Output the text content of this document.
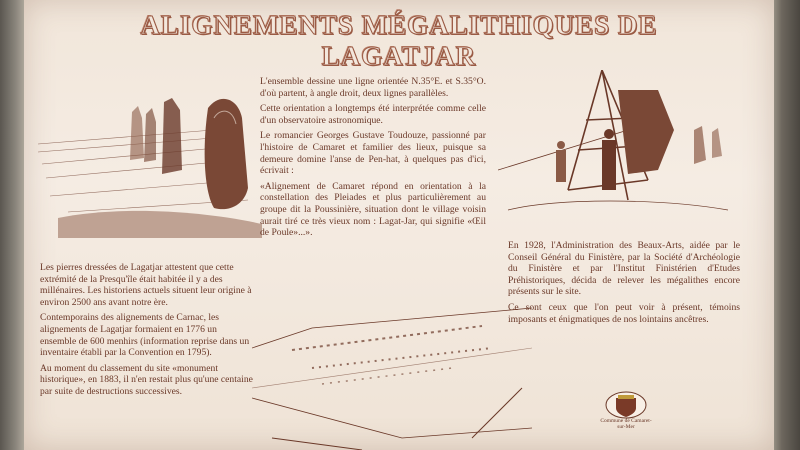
ALIGNEMENTS MÉGALITHIQUES DE LAGATJAR

Les pierres dressées de Lagatjar attestent que cette extrémité de la Presqu'île était habitée il y a des millénaires. Les historiens actuels situent leur origine à environ 2500 ans avant notre ère.

Contemporains des alignements de Carnac, les alignements de Lagatjar formaient en 1776 un ensemble de 600 menhirs (information reprise dans un inventaire établi par la Convention en 1795).

Au moment du classement du site «monument historique», en 1883, il n'en restait plus qu'une centaine par suite de destructions successives.

L'ensemble dessine une ligne orientée N.35°E. et S.35°O. d'où partent, à angle droit, deux lignes parallèles.

Cette orientation a longtemps été interprétée comme celle d'un observatoire astronomique.

Le romancier Georges Gustave Toudouze, passionné par l'histoire de Camaret et familier des lieux, puisque sa demeure domine l'anse de Pen-hat, à quelques pas d'ici, écrivait :

«Alignement de Camaret répond en orientation à la constellation des Pleiades et plus particulièrement au groupe dit la Poussinière, situation dont le village voisin aurait tiré ce très vieux nom : Lagat-Jar, qui signifie «Œil de Poule»...».

En 1928, l'Administration des Beaux-Arts, aidée par le Conseil Général du Finistère, par la Société d'Archéologie du Finistère et par l'Institut Finistérien d'Etudes Préhistoriques, décida de relever les mégalithes encore présents sur le site.

Ce sont ceux que l'on peut voir à présent, témoins imposants et énigmatiques de nos lointains ancêtres.

Commune de Camaret-sur-Mer
